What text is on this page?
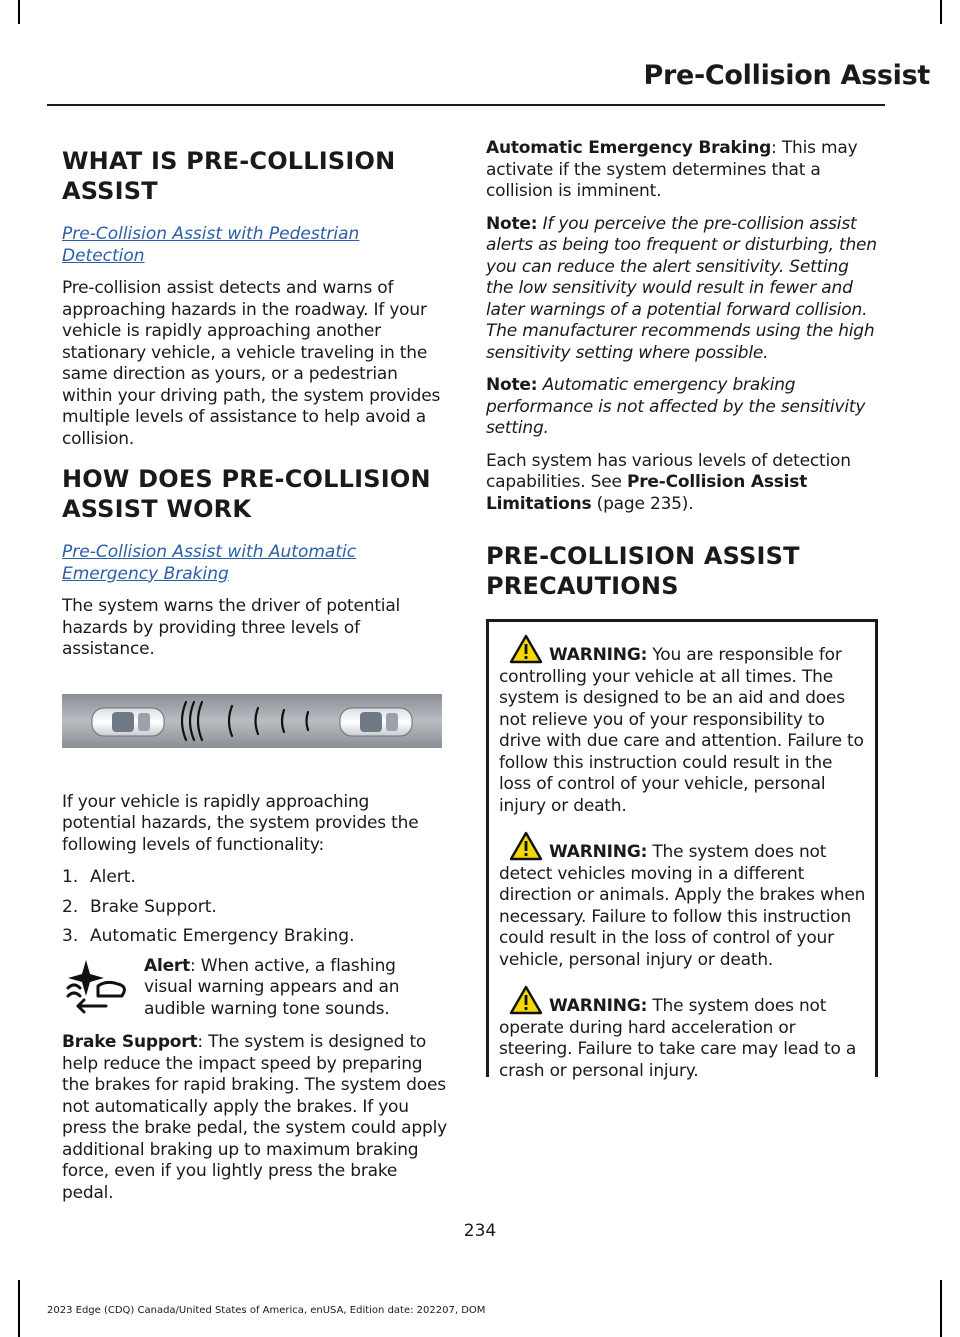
Pre-Collision Assist
WHAT IS PRE-COLLISION ASSIST
Pre-Collision Assist with Pedestrian Detection

Pre-collision assist detects and warns of approaching hazards in the roadway. If your vehicle is rapidly approaching another stationary vehicle, a vehicle traveling in the same direction as yours, or a pedestrian within your driving path, the system provides multiple levels of assistance to help avoid a collision.

HOW DOES PRE-COLLISION ASSIST WORK
Pre-Collision Assist with Automatic Emergency Braking

The system warns the driver of potential hazards by providing three levels of assistance.

If your vehicle is rapidly approaching potential hazards, the system provides the following levels of functionality:

1. Alert.
2. Brake Support.
3. Automatic Emergency Braking.

Alert: When active, a flashing visual warning appears and an audible warning tone sounds.

Brake Support: The system is designed to help reduce the impact speed by preparing the brakes for rapid braking. The system does not automatically apply the brakes. If you press the brake pedal, the system could apply additional braking up to maximum braking force, even if you lightly press the brake pedal.

Automatic Emergency Braking: This may activate if the system determines that a collision is imminent.

Note: If you perceive the pre-collision assist alerts as being too frequent or disturbing, then you can reduce the alert sensitivity. Setting the low sensitivity would result in fewer and later warnings of a potential forward collision. The manufacturer recommends using the high sensitivity setting where possible.

Note: Automatic emergency braking performance is not affected by the sensitivity setting.

Each system has various levels of detection capabilities. See Pre-Collision Assist Limitations (page 235).

PRE-COLLISION ASSIST PRECAUTIONS

WARNING: You are responsible for controlling your vehicle at all times. The system is designed to be an aid and does not relieve you of your responsibility to drive with due care and attention. Failure to follow this instruction could result in the loss of control of your vehicle, personal injury or death.

WARNING: The system does not detect vehicles moving in a different direction or animals. Apply the brakes when necessary. Failure to follow this instruction could result in the loss of control of your vehicle, personal injury or death.

WARNING: The system does not operate during hard acceleration or steering. Failure to take care may lead to a crash or personal injury.

234
2023 Edge (CDQ) Canada/United States of America, enUSA, Edition date: 202207, DOM
